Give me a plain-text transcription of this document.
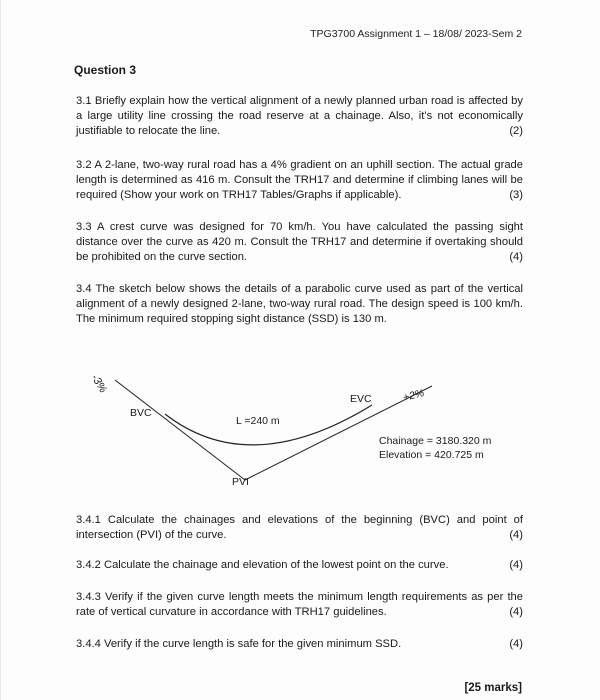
TPG3700 Assignment 1 – 18/08/ 2023-Sem 2
Question 3
3.1 Briefly explain how the vertical alignment of a newly planned urban road is affected by a large utility line crossing the road reserve at a chainage. Also, it’s not economically justifiable to relocate the line.	(2)
3.2 A 2-lane, two-way rural road has a 4% gradient on an uphill section. The actual grade length is determined as 416 m. Consult the TRH17 and determine if climbing lanes will be required (Show your work on TRH17 Tables/Graphs if applicable).	(3)
3.3 A crest curve was designed for 70 km/h. You have calculated the passing sight distance over the curve as 420 m. Consult the TRH17 and determine if overtaking should be prohibited on the curve section.	(4)
3.4 The sketch below shows the details of a parabolic curve used as part of the vertical alignment of a newly designed 2-lane, two-way rural road. The design speed is 100 km/h. The minimum required stopping sight distance (SSD) is 130 m.
-3%
BVC
L =240 m
EVC	+2%
PVI
Chainage = 3180.320 m
Elevation = 420.725 m
3.4.1 Calculate the chainages and elevations of the beginning (BVC) and point of intersection (PVI) of the curve.	(4)
3.4.2 Calculate the chainage and elevation of the lowest point on the curve.	(4)
3.4.3 Verify if the given curve length meets the minimum length requirements as per the rate of vertical curvature in accordance with TRH17 guidelines.	(4)
3.4.4 Verify if the curve length is safe for the given minimum SSD.	(4)
[25 marks]
